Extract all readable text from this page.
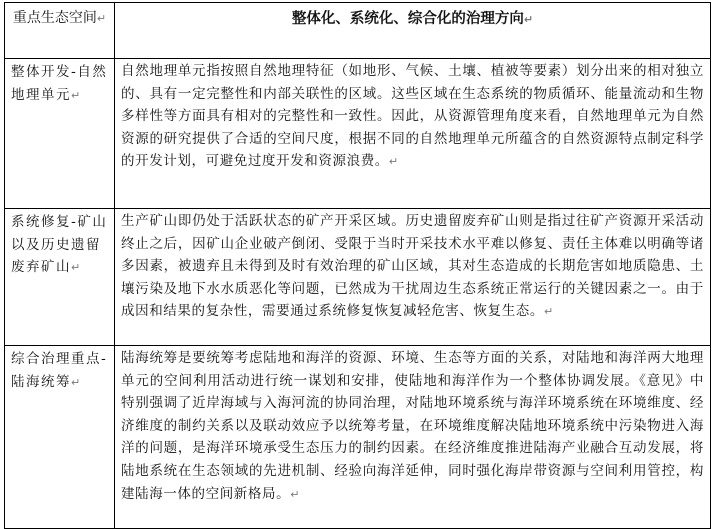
重点生态空间↵	整体化、系统化、综合化的治理方向↵

整体开发-自然地理单元↵	自然地理单元指按照自然地理特征（如地形、气候、土壤、植被等要素）划分出来的相对独立的、具有一定完整性和内部关联性的区域。这些区域在生态系统的物质循环、能量流动和生物多样性等方面具有相对的完整性和一致性。因此，从资源管理角度来看，自然地理单元为自然资源的研究提供了合适的空间尺度，根据不同的自然地理单元所蕴含的自然资源特点制定科学的开发计划，可避免过度开发和资源浪费。↵
系统修复-矿山以及历史遗留废弃矿山↵	生产矿山即仍处于活跃状态的矿产开采区域。历史遗留废弃矿山则是指过往矿产资源开采活动终止之后，因矿山企业破产倒闭、受限于当时开采技术水平难以修复、责任主体难以明确等诸多因素，被遗弃且未得到及时有效治理的矿山区域，其对生态造成的长期危害如地质隐患、土壤污染及地下水水质恶化等问题，已然成为干扰周边生态系统正常运行的关键因素之一。由于成因和结果的复杂性，需要通过系统修复恢复减轻危害、恢复生态。↵
综合治理重点-陆海统筹↵	陆海统筹是要统筹考虑陆地和海洋的资源、环境、生态等方面的关系，对陆地和海洋两大地理单元的空间利用活动进行统一谋划和安排，使陆地和海洋作为一个整体协调发展。《意见》中特别强调了近岸海域与入海河流的协同治理，对陆地环境系统与海洋环境系统在环境维度、经济维度的制约关系以及联动效应予以统筹考量，在环境维度解决陆地环境系统中污染物进入海洋的问题，是海洋环境承受生态压力的制约因素。在经济维度推进陆海产业融合互动发展，将陆地系统在生态领域的先进机制、经验向海洋延伸，同时强化海岸带资源与空间利用管控，构建陆海一体的空间新格局。↵
